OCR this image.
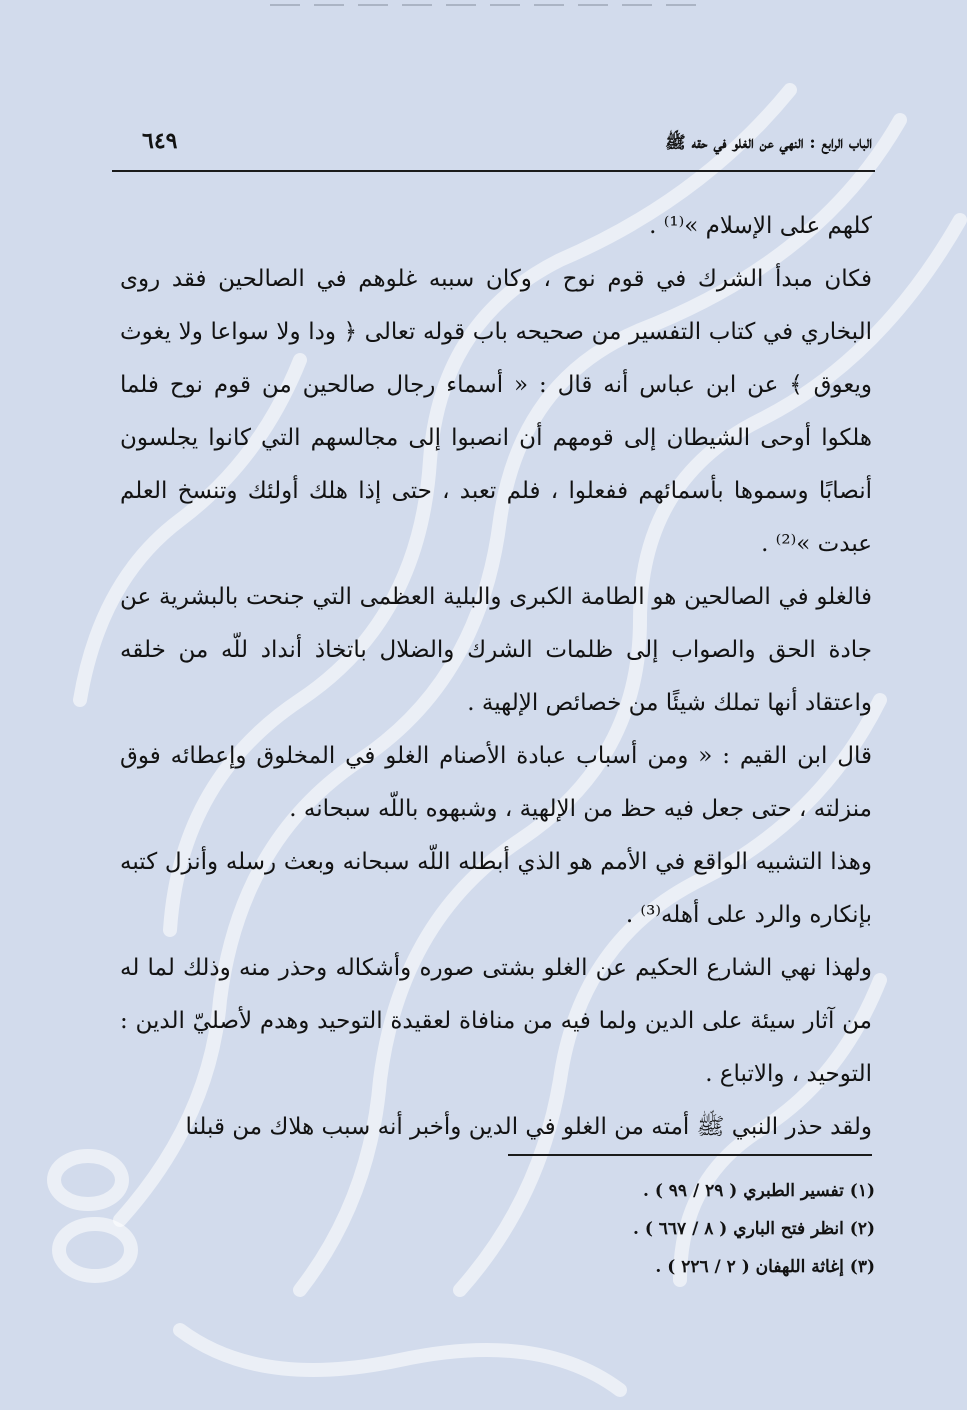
الباب الرابع : النهي عن الغلو في حقه ﷺ
٦٤٩

كلهم على الإسلام »⁽¹⁾ .

فكان مبدأ الشرك في قوم نوح ، وكان سببه غلوهم في الصالحين فقد روى البخاري في كتاب التفسير من صحيحه باب قوله تعالى ﴿ ودا ولا سواعا ولا يغوث ويعوق ﴾ عن ابن عباس أنه قال : « أسماء رجال صالحين من قوم نوح فلما هلكوا أوحى الشيطان إلى قومهم أن انصبوا إلى مجالسهم التي كانوا يجلسون أنصابًا وسموها بأسمائهم ففعلوا ، فلم تعبد ، حتى إذا هلك أولئك وتنسخ العلم عبدت »⁽²⁾ .

فالغلو في الصالحين هو الطامة الكبرى والبلية العظمى التي جنحت بالبشرية عن جادة الحق والصواب إلى ظلمات الشرك والضلال باتخاذ أنداد للّه من خلقه واعتقاد أنها تملك شيئًا من خصائص الإلهية .

قال ابن القيم : « ومن أسباب عبادة الأصنام الغلو في المخلوق وإعطائه فوق منزلته ، حتى جعل فيه حظ من الإلهية ، وشبهوه باللّه سبحانه .

وهذا التشبيه الواقع في الأمم هو الذي أبطله اللّه سبحانه وبعث رسله وأنزل كتبه بإنكاره والرد على أهله⁽³⁾ .

ولهذا نهي الشارع الحكيم عن الغلو بشتى صوره وأشكاله وحذر منه وذلك لما له من آثار سيئة على الدين ولما فيه من منافاة لعقيدة التوحيد وهدم لأصليّ الدين : التوحيد ، والاتباع .

ولقد حذر النبي ﷺ أمته من الغلو في الدين وأخبر أنه سبب هلاك من قبلنا

(١) تفسير الطبري ( ٢٩ / ٩٩ ) .
(٢) انظر فتح الباري ( ٨ / ٦٦٧ ) .
(٣) إغاثة اللهفان ( ٢ / ٢٢٦ ) .
